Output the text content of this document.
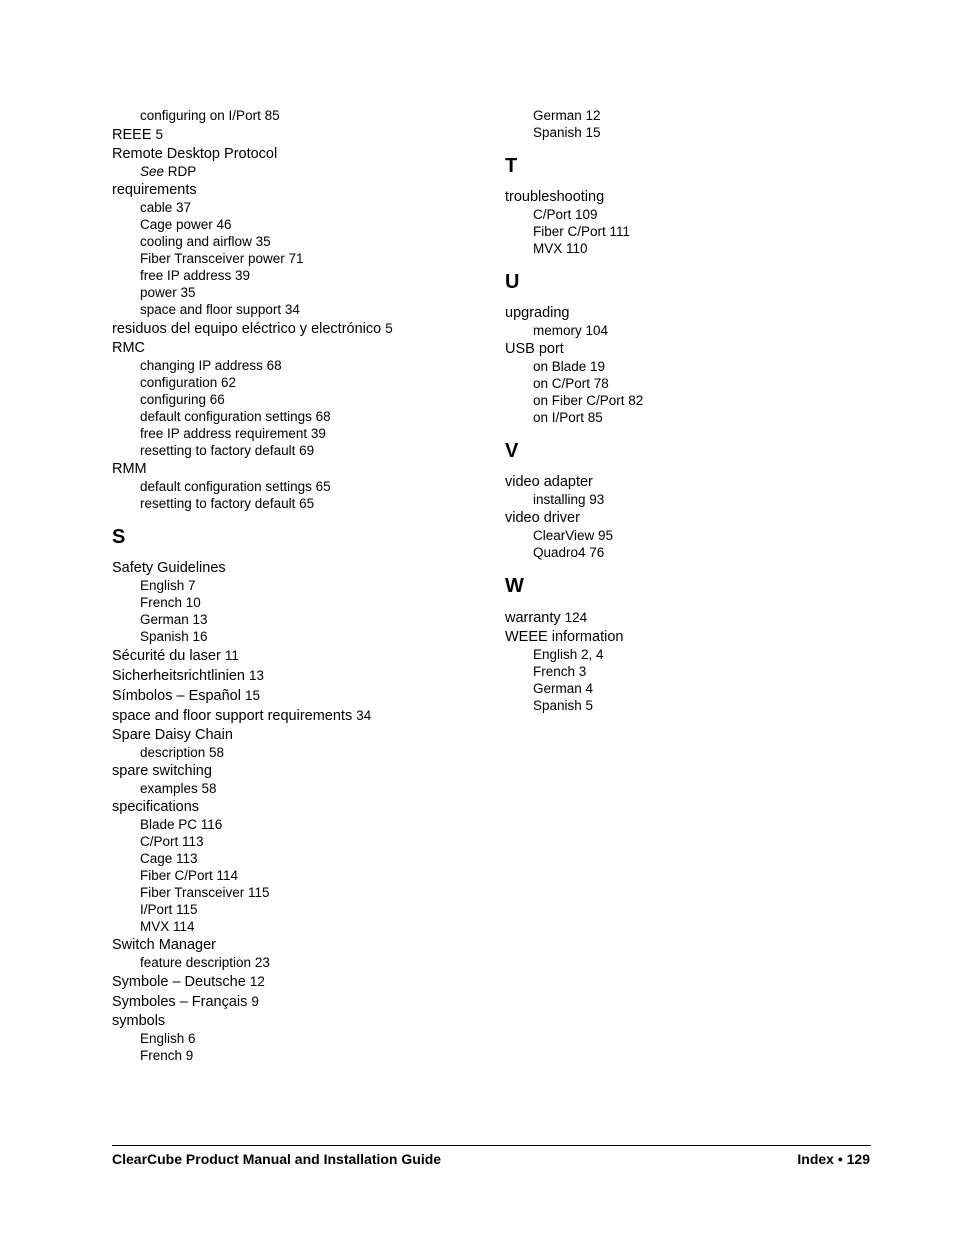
configuring on I/Port 85
REEE 5
Remote Desktop Protocol
See RDP
requirements
cable 37
Cage power 46
cooling and airflow 35
Fiber Transceiver power 71
free IP address 39
power 35
space and floor support 34
residuos del equipo eléctrico y electrónico 5
RMC
changing IP address 68
configuration 62
configuring 66
default configuration settings 68
free IP address requirement 39
resetting to factory default 69
RMM
default configuration settings 65
resetting to factory default 65
S
Safety Guidelines
English 7
French 10
German 13
Spanish 16
Sécurité du laser 11
Sicherheitsrichtlinien 13
Símbolos – Español 15
space and floor support requirements 34
Spare Daisy Chain
description 58
spare switching
examples 58
specifications
Blade PC 116
C/Port 113
Cage 113
Fiber C/Port 114
Fiber Transceiver 115
I/Port 115
MVX 114
Switch Manager
feature description 23
Symbole – Deutsche 12
Symboles – Français 9
symbols
English 6
French 9
German 12
Spanish 15
T
troubleshooting
C/Port 109
Fiber C/Port 111
MVX 110
U
upgrading
memory 104
USB port
on Blade 19
on C/Port 78
on Fiber C/Port 82
on I/Port 85
V
video adapter
installing 93
video driver
ClearView 95
Quadro4 76
W
warranty 124
WEEE information
English 2, 4
French 3
German 4
Spanish 5
ClearCube Product Manual and Installation Guide	Index • 129
